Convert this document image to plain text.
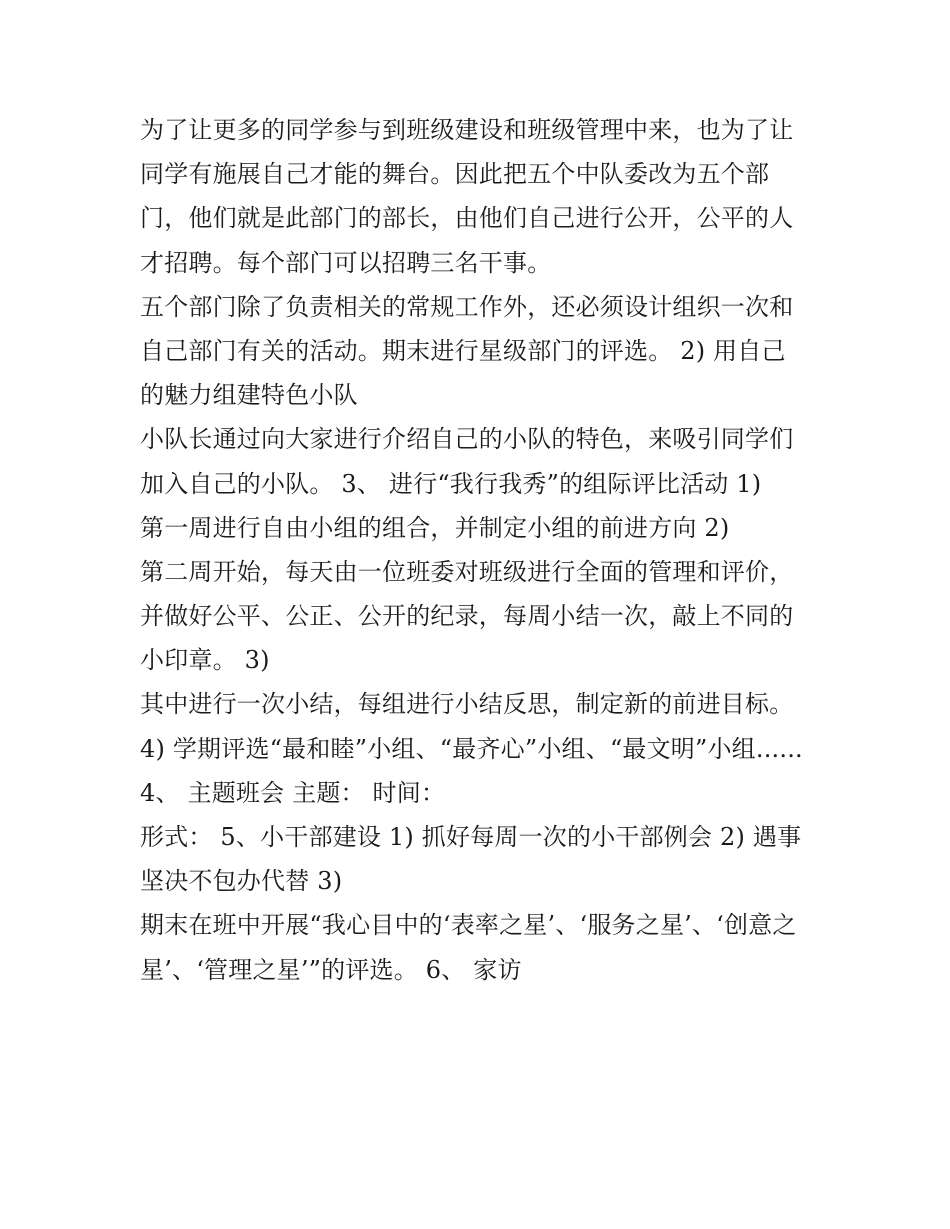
为了让更多的同学参与到班级建设和班级管理中来，也为了让
同学有施展自己才能的舞台。因此把五个中队委改为五个部
门，他们就是此部门的部长，由他们自己进行公开，公平的人
才招聘。每个部门可以招聘三名干事。
五个部门除了负责相关的常规工作外，还必须设计组织一次和
自己部门有关的活动。期末进行星级部门的评选。 2) 用自己
的魅力组建特色小队
小队长通过向大家进行介绍自己的小队的特色，来吸引同学们
加入自己的小队。 3、 进行“我行我秀”的组际评比活动 1)
第一周进行自由小组的组合，并制定小组的前进方向 2)
第二周开始，每天由一位班委对班级进行全面的管理和评价，
并做好公平、公正、公开的纪录，每周小结一次，敲上不同的
小印章。 3)
其中进行一次小结，每组进行小结反思，制定新的前进目标。
4) 学期评选“最和睦”小组、“最齐心”小组、“最文明”小组......
4、 主题班会 主题： 时间：
形式： 5、小干部建设 1) 抓好每周一次的小干部例会 2) 遇事
坚决不包办代替 3)
期末在班中开展“我心目中的‘表率之星’、‘服务之星’、‘创意之
星’、‘管理之星’”的评选。 6、 家访
